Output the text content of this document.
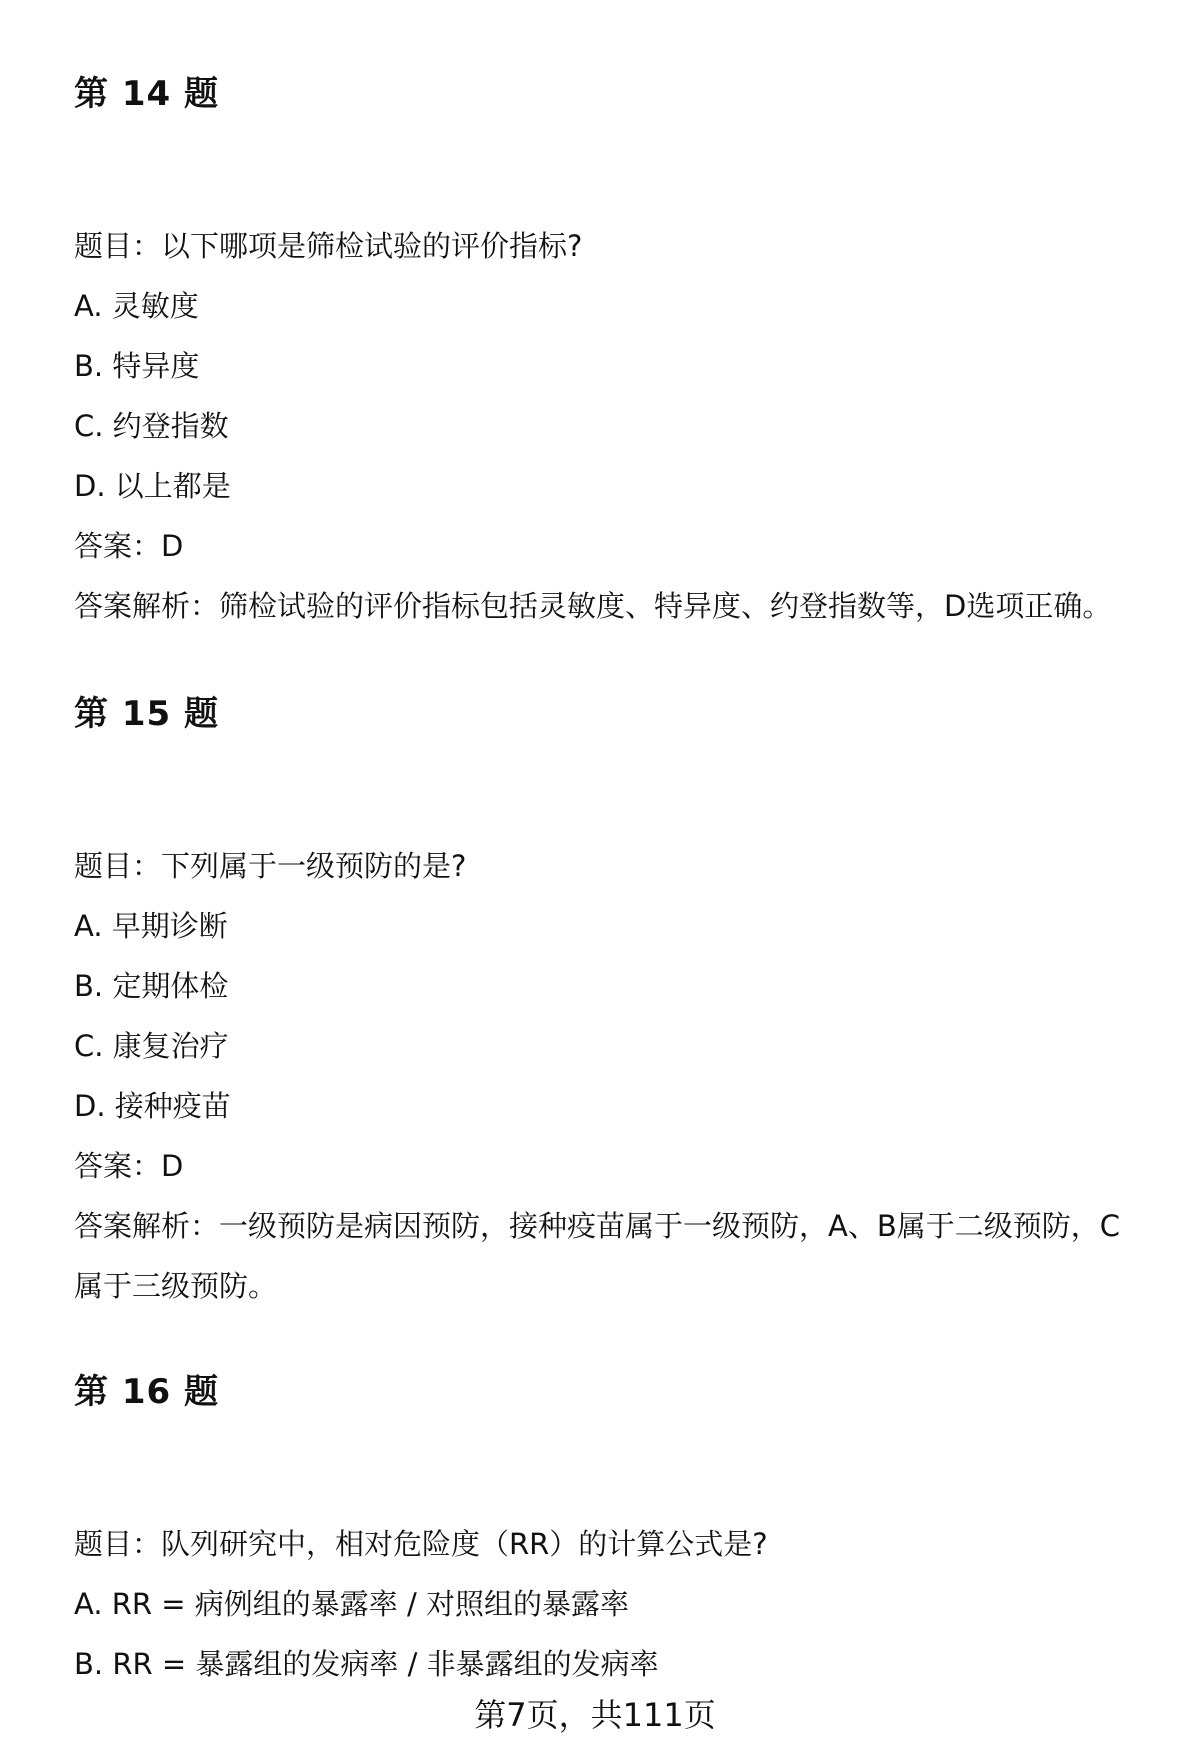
第 14 题
题目：以下哪项是筛检试验的评价指标?
A. 灵敏度
B. 特异度
C. 约登指数
D. 以上都是
答案：D
答案解析：筛检试验的评价指标包括灵敏度、特异度、约登指数等，D选项正确。
第 15 题
题目：下列属于一级预防的是?
A. 早期诊断
B. 定期体检
C. 康复治疗
D. 接种疫苗
答案：D
答案解析：一级预防是病因预防，接种疫苗属于一级预防，A、B属于二级预防，C
属于三级预防。
第 16 题
题目：队列研究中，相对危险度（RR）的计算公式是?
A. RR = 病例组的暴露率 / 对照组的暴露率
B. RR = 暴露组的发病率 / 非暴露组的发病率
第7页，共111页
